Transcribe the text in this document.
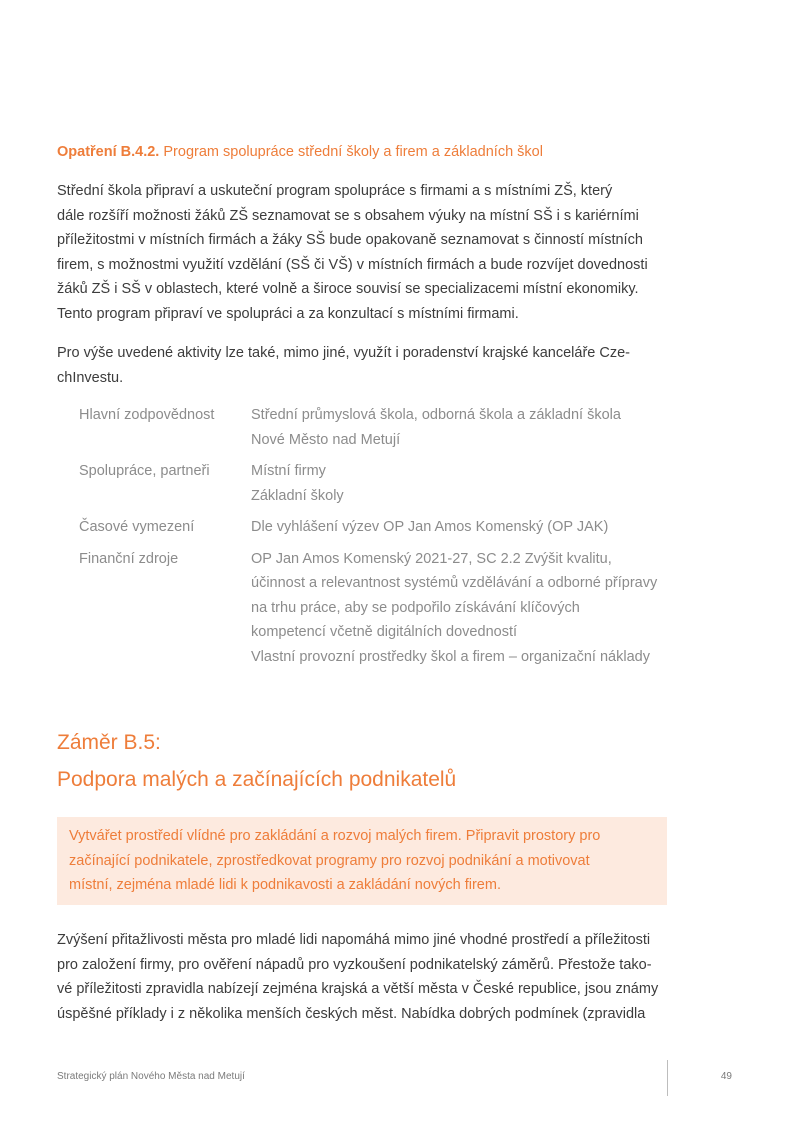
Opatření B.4.2. Program spolupráce střední školy a firem a základních škol
Střední škola připraví a uskuteční program spolupráce s firmami a s místními ZŠ, který
dále rozšíří možnosti žáků ZŠ seznamovat se s obsahem výuky na místní SŠ i s kariérními
příležitostmi v místních firmách a žáky SŠ bude opakovaně seznamovat s činností místních
firem, s možnostmi využití vzdělání (SŠ či VŠ) v místních firmách a bude rozvíjet dovednosti
žáků ZŠ i SŠ v oblastech, které volně a široce souvisí se specializacemi místní ekonomiky.
Tento program připraví ve spolupráci a za konzultací s místními firmami.
Pro výše uvedené aktivity lze také, mimo jiné, využít i poradenství krajské kanceláře Cze-
chInvestu.
Hlavní zodpovědnost	Střední průmyslová škola, odborná škola a základní škola
Nové Město nad Metují
Spolupráce, partneři	Místní firmy
Základní školy
Časové vymezení	Dle vyhlášení výzev OP Jan Amos Komenský (OP JAK)
Finanční zdroje	OP Jan Amos Komenský 2021-27, SC 2.2 Zvýšit kvalitu,
účinnost a relevantnost systémů vzdělávání a odborné přípravy
na trhu práce, aby se podpořilo získávání klíčových
kompetencí včetně digitálních dovedností
Vlastní provozní prostředky škol a firem – organizační náklady
Záměr B.5:
Podpora malých a začínajících podnikatelů
Vytvářet prostředí vlídné pro zakládání a rozvoj malých firem. Připravit prostory pro
začínající podnikatele, zprostředkovat programy pro rozvoj podnikání a motivovat
místní, zejména mladé lidi k podnikavosti a zakládání nových firem.
Zvýšení přitažlivosti města pro mladé lidi napomáhá mimo jiné vhodné prostředí a příležitosti
pro založení firmy, pro ověření nápadů pro vyzkoušení podnikatelský záměrů. Přestože tako-
vé příležitosti zpravidla nabízejí zejména krajská a větší města v České republice, jsou známy
úspěšné příklady i z několika menších českých měst. Nabídka dobrých podmínek (zpravidla
Strategický plán Nového Města nad Metují	49
